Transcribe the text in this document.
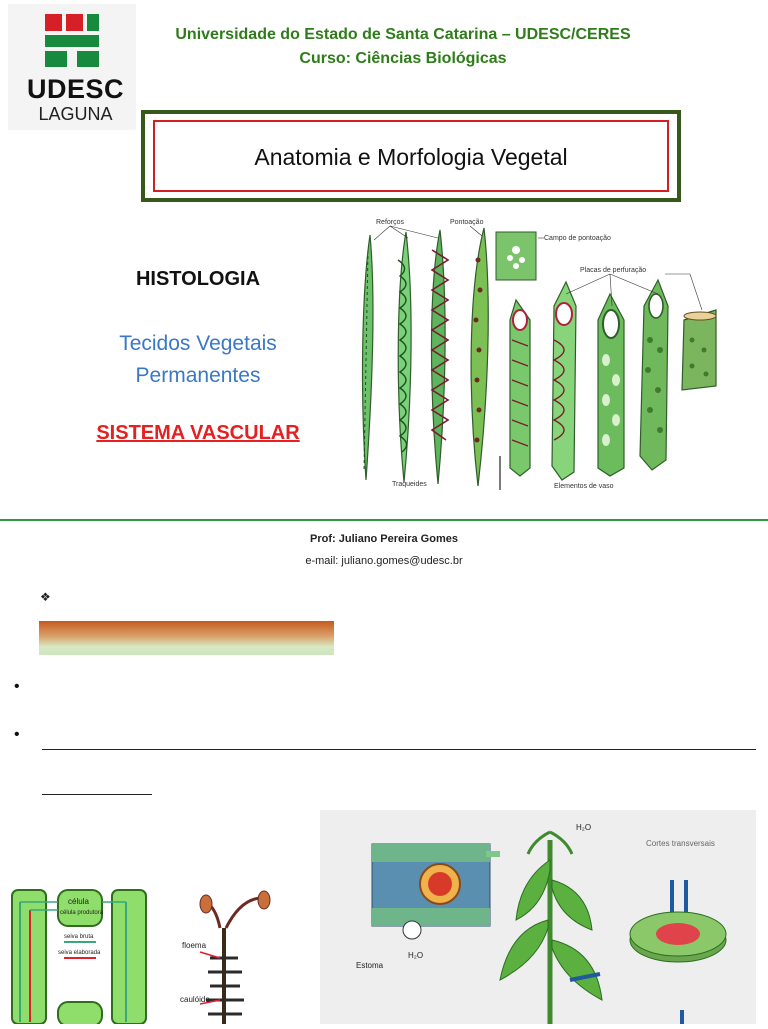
UDESC
LAGUNA
Universidade do Estado de Santa Catarina – UDESC/CERES
Curso: Ciências Biológicas
Anatomia e Morfologia Vegetal
HISTOLOGIA
Tecidos Vegetais
Permanentes
SISTEMA VASCULAR
Reforços	Pontoação
Campo de pontoação
Placas de perfuração
Traqueides	Elementos de vaso
Prof: Juliano Pereira Gomes
e-mail: juliano.gomes@udesc.br
❖
•
•
célula
célula produtora
seiva bruta
seiva elaborada
floema
caulóide
Estoma
H₂O
H₂O
Cortes transversais
